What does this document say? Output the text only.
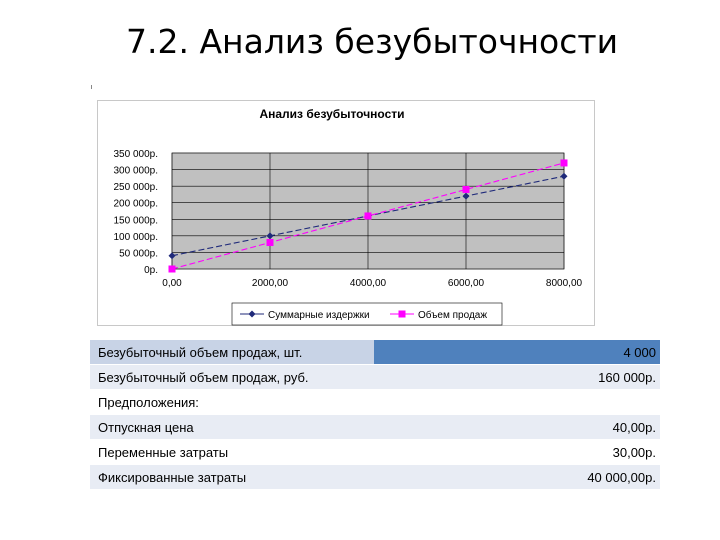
7.2. Анализ безубыточности
Анализ безубыточности
0р.
50 000р.
100 000р.
150 000р.
200 000р.
250 000р.
300 000р.
350 000р.
0,00	2000,00	4000,00	6000,00	8000,00
Суммарные издержки	Объем продаж
Безубыточный объем продаж, шт.	4 000
Безубыточный объем продаж, руб.	160 000р.
Предположения:	
Отпускная цена	40,00р.
Переменные затраты	30,00р.
Фиксированные затраты	40 000,00р.
